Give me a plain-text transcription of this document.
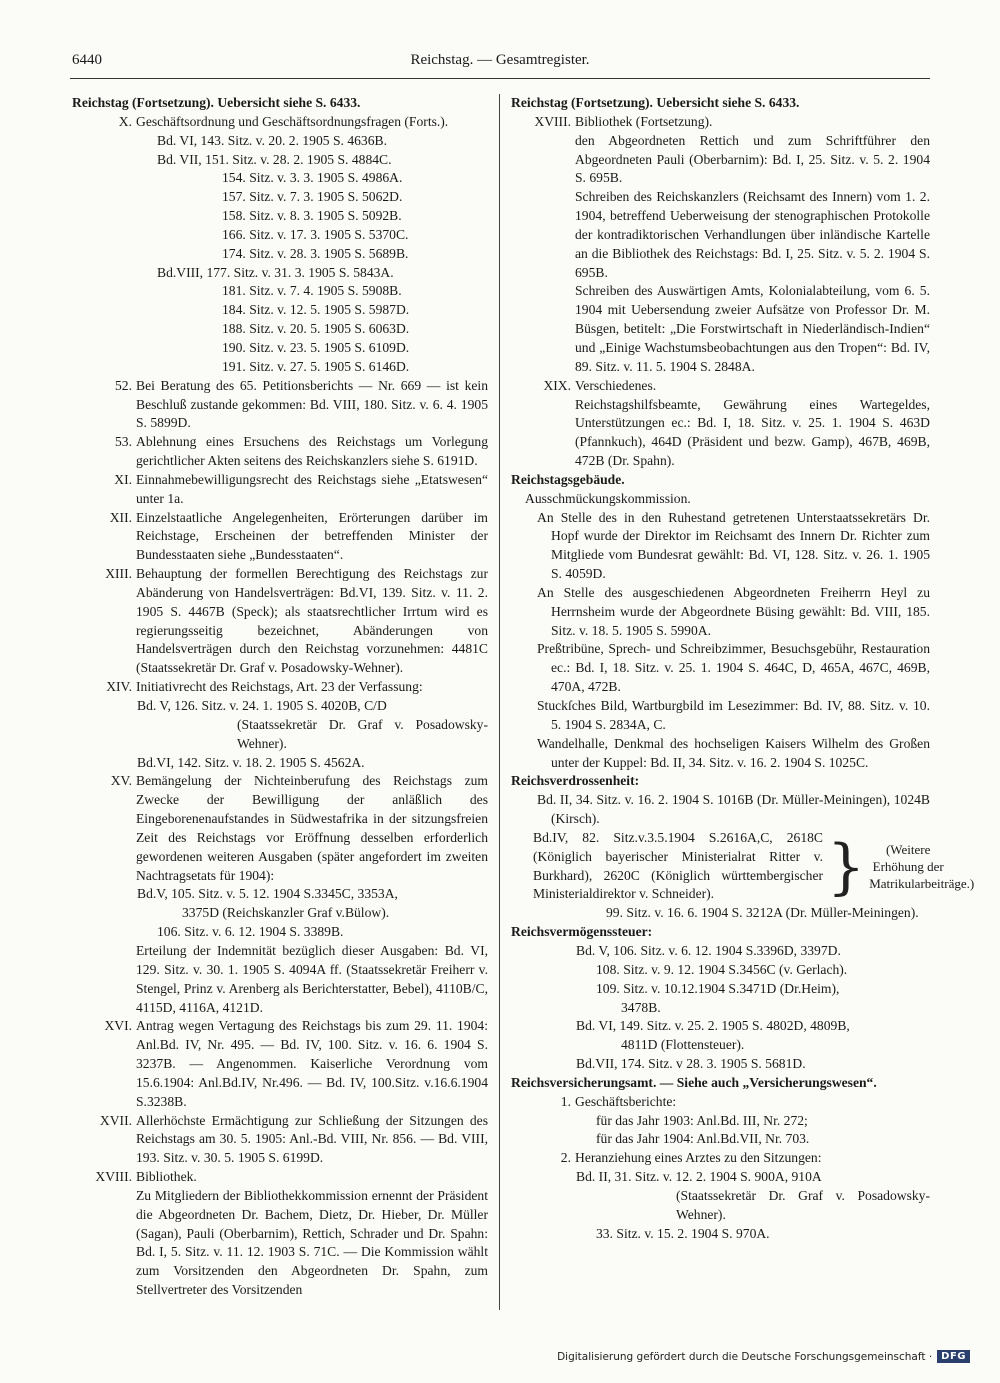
6440	Reichstag. — Gesamtregister.
Reichstag (Fortsetzung). Uebersicht siehe S. 6433.
X. Geschäftsordnung und Geschäftsordnungsfragen (Forts.).
Bd. VI, 143. Sitz. v. 20. 2. 1905 S. 4636B.
Bd. VII, 151. Sitz. v. 28. 2. 1905 S. 4884C.
154. Sitz. v. 3. 3. 1905 S. 4986A.
157. Sitz. v. 7. 3. 1905 S. 5062D.
158. Sitz. v. 8. 3. 1905 S. 5092B.
166. Sitz. v. 17. 3. 1905 S. 5370C.
174. Sitz. v. 28. 3. 1905 S. 5689B.
Bd.VIII, 177. Sitz. v. 31. 3. 1905 S. 5843A.
181. Sitz. v. 7. 4. 1905 S. 5908B.
184. Sitz. v. 12. 5. 1905 S. 5987D.
188. Sitz. v. 20. 5. 1905 S. 6063D.
190. Sitz. v. 23. 5. 1905 S. 6109D.
191. Sitz. v. 27. 5. 1905 S. 6146D.
52. Bei Beratung des 65. Petitionsberichts — Nr. 669 — ist kein Beschluß zustande gekommen: Bd. VIII, 180. Sitz. v. 6. 4. 1905 S. 5899D.
53. Ablehnung eines Ersuchens des Reichstags um Vorlegung gerichtlicher Akten seitens des Reichskanzlers siehe S. 6191D.
XI. Einnahmebewilligungsrecht des Reichstags siehe „Etatswesen“ unter 1a.
XII. Einzelstaatliche Angelegenheiten, Erörterungen darüber im Reichstage, Erscheinen der betreffenden Minister der Bundesstaaten siehe „Bundesstaaten“.
XIII. Behauptung der formellen Berechtigung des Reichstags zur Abänderung von Handelsverträgen: Bd.VI, 139. Sitz. v. 11. 2. 1905 S. 4467B (Speck); als staatsrechtlicher Irrtum wird es regierungsseitig bezeichnet, Abänderungen von Handelsverträgen durch den Reichstag vorzunehmen: 4481C (Staatssekretär Dr. Graf v. Posadowsky-Wehner).
XIV. Initiativrecht des Reichstags, Art. 23 der Verfassung:
Bd. V, 126. Sitz. v. 24. 1. 1905 S. 4020B, C/D
(Staatssekretär Dr. Graf v. Posadowsky-Wehner).
Bd.VI, 142. Sitz. v. 18. 2. 1905 S. 4562A.
XV. Bemängelung der Nichteinberufung des Reichstags zum Zwecke der Bewilligung der anläßlich des Eingeborenenaufstandes in Südwestafrika in der sitzungsfreien Zeit des Reichstags vor Eröffnung desselben erforderlich gewordenen weiteren Ausgaben (später angefordert im zweiten Nachtragsetats für 1904):
Bd.V, 105. Sitz. v. 5. 12. 1904 S.3345C, 3353A,
3375D (Reichskanzler Graf v.Bülow).
106. Sitz. v. 6. 12. 1904 S. 3389B.
Erteilung der Indemnität bezüglich dieser Ausgaben: Bd. VI, 129. Sitz. v. 30. 1. 1905 S. 4094A ff. (Staatssekretär Freiherr v. Stengel, Prinz v. Arenberg als Berichterstatter, Bebel), 4110B/C, 4115D, 4116A, 4121D.
XVI. Antrag wegen Vertagung des Reichstags bis zum 29. 11. 1904: Anl.Bd. IV, Nr. 495. — Bd. IV, 100. Sitz. v. 16. 6. 1904 S. 3237B. — Angenommen. Kaiserliche Verordnung vom 15.6.1904: Anl.Bd.IV, Nr.496. — Bd. IV, 100.Sitz. v.16.6.1904 S.3238B.
XVII. Allerhöchste Ermächtigung zur Schließung der Sitzungen des Reichstags am 30. 5. 1905: Anl.-Bd. VIII, Nr. 856. — Bd. VIII, 193. Sitz. v. 30. 5. 1905 S. 6199D.
XVIII. Bibliothek.
Zu Mitgliedern der Bibliothekkommission ernennt der Präsident die Abgeordneten Dr. Bachem, Dietz, Dr. Hieber, Dr. Müller (Sagan), Pauli (Oberbarnim), Rettich, Schrader und Dr. Spahn: Bd. I, 5. Sitz. v. 11. 12. 1903 S. 71C. — Die Kommission wählt zum Vorsitzenden den Abgeordneten Dr. Spahn, zum Stellvertreter des Vorsitzenden
Reichstag (Fortsetzung). Uebersicht siehe S. 6433.
XVIII. Bibliothek (Fortsetzung).
den Abgeordneten Rettich und zum Schriftführer den Abgeordneten Pauli (Oberbarnim): Bd. I, 25. Sitz. v. 5. 2. 1904 S. 695B.
Schreiben des Reichskanzlers (Reichsamt des Innern) vom 1. 2. 1904, betreffend Ueberweisung der stenographischen Protokolle der kontradiktorischen Verhandlungen über inländische Kartelle an die Bibliothek des Reichstags: Bd. I, 25. Sitz. v. 5. 2. 1904 S. 695B.
Schreiben des Auswärtigen Amts, Kolonialabteilung, vom 6. 5. 1904 mit Uebersendung zweier Aufsätze von Professor Dr. M. Büsgen, betitelt: „Die Forstwirtschaft in Niederländisch-Indien“ und „Einige Wachstumsbeobachtungen aus den Tropen“: Bd. IV, 89. Sitz. v. 11. 5. 1904 S. 2848A.
XIX. Verschiedenes.
Reichstagshilfsbeamte, Gewährung eines Wartegeldes, Unterstützungen ec.: Bd. I, 18. Sitz. v. 25. 1. 1904 S. 463D (Pfannkuch), 464D (Präsident und bezw. Gamp), 467B, 469B, 472B (Dr. Spahn).
Reichstagsgebäude.
Ausschmückungskommission.
An Stelle des in den Ruhestand getretenen Unterstaatssekretärs Dr. Hopf wurde der Direktor im Reichsamt des Innern Dr. Richter zum Mitgliede vom Bundesrat gewählt: Bd. VI, 128. Sitz. v. 26. 1. 1905 S. 4059D.
An Stelle des ausgeschiedenen Abgeordneten Freiherrn Heyl zu Herrnsheim wurde der Abgeordnete Büsing gewählt: Bd. VIII, 185. Sitz. v. 18. 5. 1905 S. 5990A.
Preßtribüne, Sprech- und Schreibzimmer, Besuchsgebühr, Restauration ec.: Bd. I, 18. Sitz. v. 25. 1. 1904 S. 464C, D, 465A, 467C, 469B, 470A, 472B.
Stuckſches Bild, Wartburgbild im Lesezimmer: Bd. IV, 88. Sitz. v. 10. 5. 1904 S. 2834A, C.
Wandelhalle, Denkmal des hochseligen Kaisers Wilhelm des Großen unter der Kuppel: Bd. II, 34. Sitz. v. 16. 2. 1904 S. 1025C.
Reichsverdrossenheit:
Bd. II, 34. Sitz. v. 16. 2. 1904 S. 1016B (Dr. Müller-Meiningen), 1024B (Kirsch).
Bd.IV, 82. Sitz.v.3.5.1904 S.2616A,C, 2618C (Königlich bayerischer Ministerialrat Ritter v. Burkhard), 2620C (Königlich württembergischer Ministerialdirektor v. Schneider).	}	(Weitere Erhöhung der Matrikularbeiträge.)
99. Sitz. v. 16. 6. 1904 S. 3212A (Dr. Müller-Meiningen).
Reichsvermögenssteuer:
Bd. V, 106. Sitz. v. 6. 12. 1904 S.3396D, 3397D.
108. Sitz. v. 9. 12. 1904 S.3456C (v. Gerlach).
109. Sitz. v. 10.12.1904 S.3471D (Dr.Heim),
3478B.
Bd. VI, 149. Sitz. v. 25. 2. 1905 S. 4802D, 4809B,
4811D (Flottensteuer).
Bd.VII, 174. Sitz. v 28. 3. 1905 S. 5681D.
Reichsversicherungsamt. — Siehe auch „Versicherungswesen“.
1. Geschäftsberichte:
für das Jahr 1903: Anl.Bd. III, Nr. 272;
für das Jahr 1904: Anl.Bd.VII, Nr. 703.
2. Heranziehung eines Arztes zu den Sitzungen:
Bd. II, 31. Sitz. v. 12. 2. 1904 S. 900A, 910A
(Staatssekretär Dr. Graf v. Posadowsky-Wehner).
33. Sitz. v. 15. 2. 1904 S. 970A.
Digitalisierung gefördert durch die Deutsche Forschungsgemeinschaft · DFG
